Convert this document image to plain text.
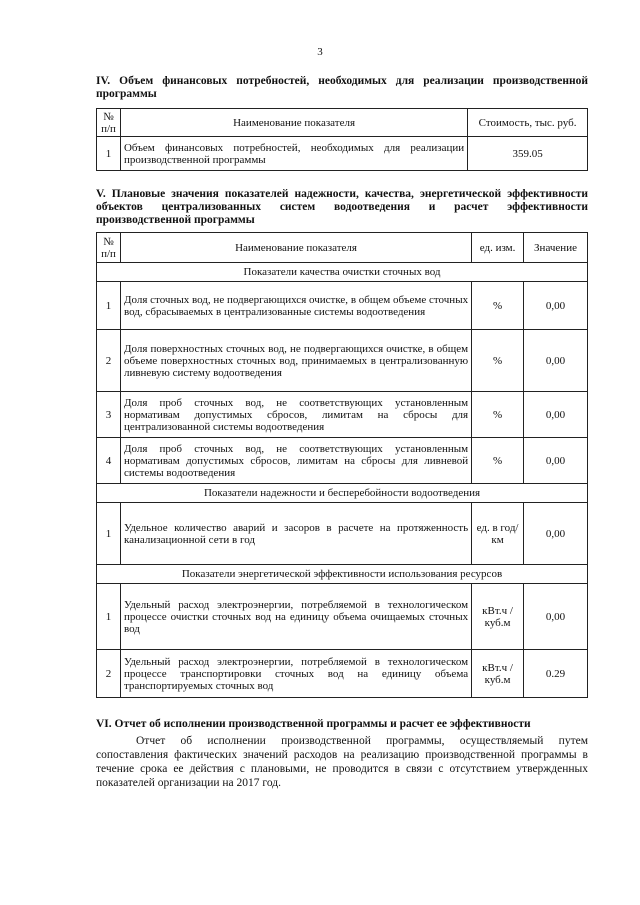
3
IV. Объем финансовых потребностей, необходимых для реализации производственной программы
№ п/п	Наименование показателя	Стоимость, тыс. руб.
1	Объем финансовых потребностей, необходимых для реализации производственной программы	359.05
V. Плановые значения показателей надежности, качества, энергетической эффективности объектов централизованных систем водоотведения и расчет эффективности производственной программы
№ п/п	Наименование показателя	ед. изм.	Значение
Показатели качества очистки сточных вод			
1	Доля сточных вод, не подвергающихся очистке, в общем объеме сточных вод, сбрасываемых в централизованные системы водоотведения	%	0,00
2	Доля поверхностных сточных вод, не подвергающихся очистке, в общем объеме поверхностных сточных вод, принимаемых в централизованную ливневую систему водоотведения	%	0,00
3	Доля проб сточных вод, не соответствующих установленным нормативам допустимых сбросов, лимитам на сбросы для централизованной системы водоотведения	%	0,00
4	Доля проб сточных вод, не соответствующих установленным нормативам допустимых сбросов, лимитам на сбросы для ливневой системы водоотведения	%	0,00
Показатели надежности и бесперебойности водоотведения			
1	Удельное количество аварий и засоров в расчете на протяженность канализационной сети в год	ед. в год/ км	0,00
Показатели энергетической эффективности использования ресурсов			
1	Удельный расход электроэнергии, потребляемой в технологическом процессе очистки сточных вод на единицу объема очищаемых сточных вод	кВт.ч / куб.м	0,00
2	Удельный расход электроэнергии, потребляемой в технологическом процессе транспортировки сточных вод на единицу объема транспортируемых сточных вод	кВт.ч / куб.м	0.29
VI. Отчет об исполнении производственной программы и расчет ее эффективности
Отчет об исполнении производственной программы, осуществляемый путем сопоставления фактических значений расходов на реализацию производственной программы в течение срока ее действия с плановыми, не проводится в связи с отсутствием утвержденных показателей организации на 2017 год.
